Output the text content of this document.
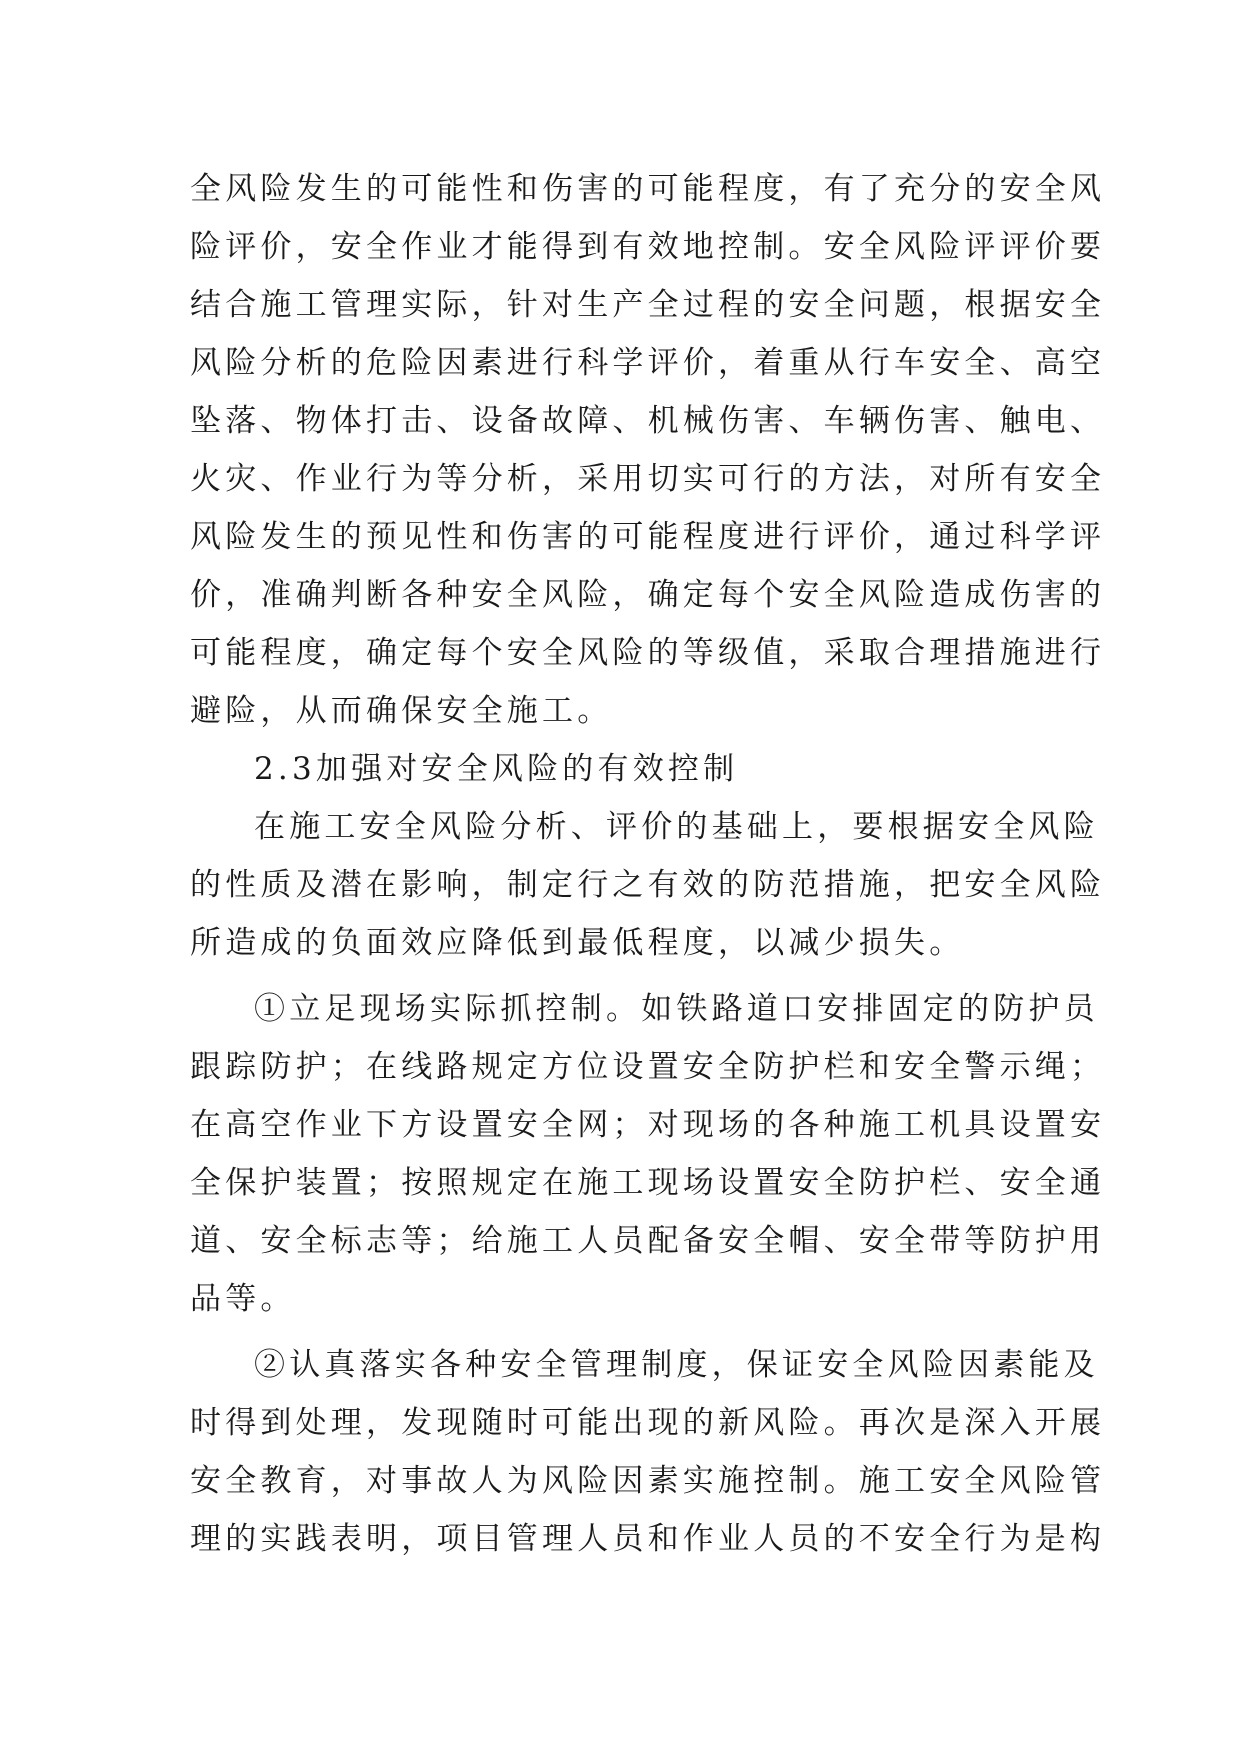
全风险发生的可能性和伤害的可能程度，有了充分的安全风
险评价，安全作业才能得到有效地控制。安全风险评评价要
结合施工管理实际，针对生产全过程的安全问题，根据安全
风险分析的危险因素进行科学评价，着重从行车安全、高空
坠落、物体打击、设备故障、机械伤害、车辆伤害、触电、
火灾、作业行为等分析，采用切实可行的方法，对所有安全
风险发生的预见性和伤害的可能程度进行评价，通过科学评
价，准确判断各种安全风险，确定每个安全风险造成伤害的
可能程度，确定每个安全风险的等级值，采取合理措施进行
避险，从而确保安全施工。
2.3加强对安全风险的有效控制
在施工安全风险分析、评价的基础上，要根据安全风险
的性质及潜在影响，制定行之有效的防范措施，把安全风险
所造成的负面效应降低到最低程度，以减少损失。
①立足现场实际抓控制。如铁路道口安排固定的防护员
跟踪防护；在线路规定方位设置安全防护栏和安全警示绳；
在高空作业下方设置安全网；对现场的各种施工机具设置安
全保护装置；按照规定在施工现场设置安全防护栏、安全通
道、安全标志等；给施工人员配备安全帽、安全带等防护用
品等。
②认真落实各种安全管理制度，保证安全风险因素能及
时得到处理，发现随时可能出现的新风险。再次是深入开展
安全教育，对事故人为风险因素实施控制。施工安全风险管
理的实践表明，项目管理人员和作业人员的不安全行为是构
